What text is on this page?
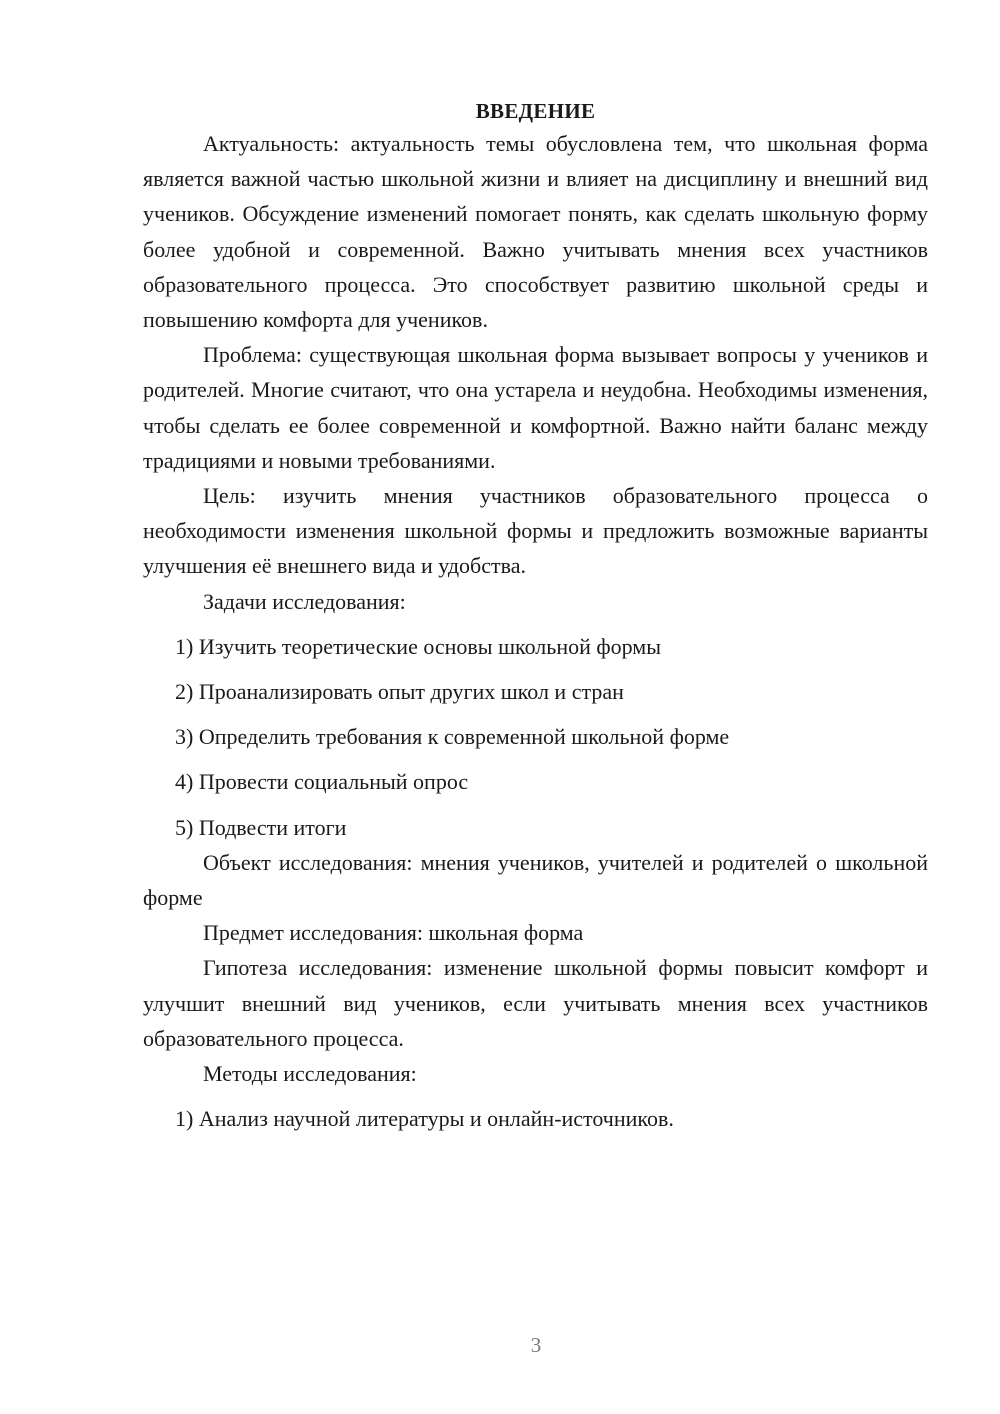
ВВЕДЕНИЕ

Актуальность: актуальность темы обусловлена тем, что школьная форма является важной частью школьной жизни и влияет на дисциплину и внешний вид учеников. Обсуждение изменений помогает понять, как сделать школьную форму более удобной и современной. Важно учитывать мнения всех участников образовательного процесса. Это способствует развитию школьной среды и повышению комфорта для учеников.

Проблема: существующая школьная форма вызывает вопросы у учеников и родителей. Многие считают, что она устарела и неудобна. Необходимы изменения, чтобы сделать ее более современной и комфортной. Важно найти баланс между традициями и новыми требованиями.

Цель: изучить мнения участников образовательного процесса о необходимости изменения школьной формы и предложить возможные варианты улучшения её внешнего вида и удобства.

Задачи исследования:

1) Изучить теоретические основы школьной формы

2) Проанализировать опыт других школ и стран

3) Определить требования к современной школьной форме

4) Провести социальный опрос

5) Подвести итоги

Объект исследования: мнения учеников, учителей и родителей о школьной форме

Предмет исследования: школьная форма

Гипотеза исследования: изменение школьной формы повысит комфорт и улучшит внешний вид учеников, если учитывать мнения всех участников образовательного процесса.

Методы исследования:

1) Анализ научной литературы и онлайн-источников.

3
